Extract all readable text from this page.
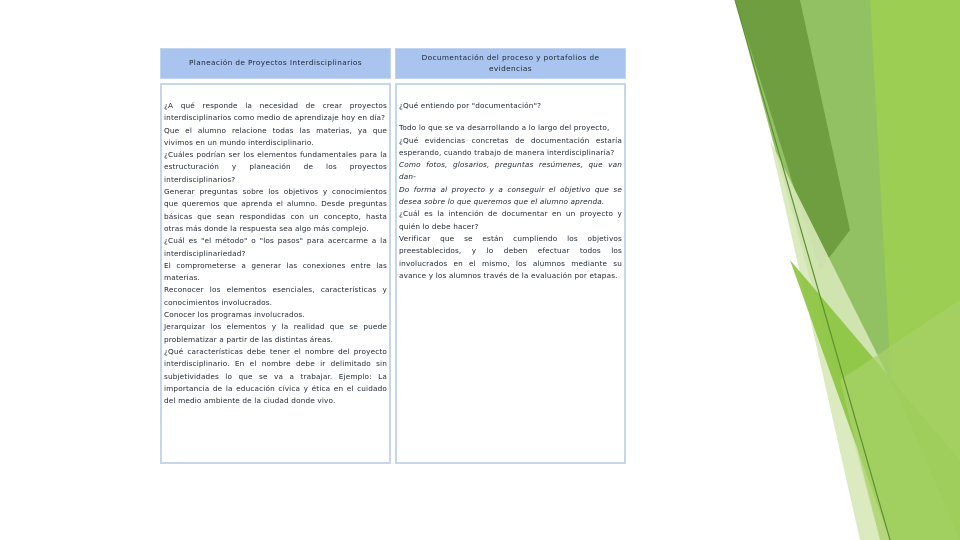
Planeación de Proyectos Interdisciplinarios

¿A qué responde la necesidad de crear proyectos interdisciplinarios como medio de aprendizaje hoy en día?

Que el alumno relacione todas las materias, ya que vivimos en un mundo interdisciplinario.

¿Cuáles podrían ser los elementos fundamentales para la estructuración y planeación de los proyectos interdisciplinarios?

Generar preguntas sobre los objetivos y conocimientos que queremos que aprenda el alumno. Desde preguntas básicas que sean respondidas con un concepto, hasta otras más donde la respuesta sea algo más complejo.

¿Cuál es "el método" o "los pasos" para acercarme a la interdisciplinariedad?

El comprometerse a generar las conexiones entre las materias.

Reconocer los elementos esenciales, características y conocimientos involucrados.

Conocer los programas involucrados.

Jerarquizar los elementos y la realidad que se puede problematizar a partir de las distintas áreas.

¿Qué características debe tener el nombre del proyecto interdisciplinario. En el nombre debe ir delimitado sin subjetividades lo que se va a trabajar. Ejemplo: La importancia de la educación cívica y ética en el cuidado del medio ambiente de la ciudad donde vivo.

Documentación del proceso y portafolios de evidencias

¿Qué entiendo por "documentación"?

Todo lo que se va desarrollando a lo largo del proyecto,

¿Qué evidencias concretas de documentación estaría esperando, cuando trabajo de manera interdisciplinaria?

Como fotos, glosarios, preguntas resúmenes, que van dan-

Do forma al proyecto y a conseguir el objetivo que se desea sobre lo que queremos que el alumno aprenda.

¿Cuál es la intención de documentar en un proyecto y quién lo debe hacer?

Verificar que se están cumpliendo los objetivos preestablecidos, y lo deben efectuar todos los involucrados en el mismo, los alumnos mediante su avance y los alumnos través de la evaluación por etapas.
